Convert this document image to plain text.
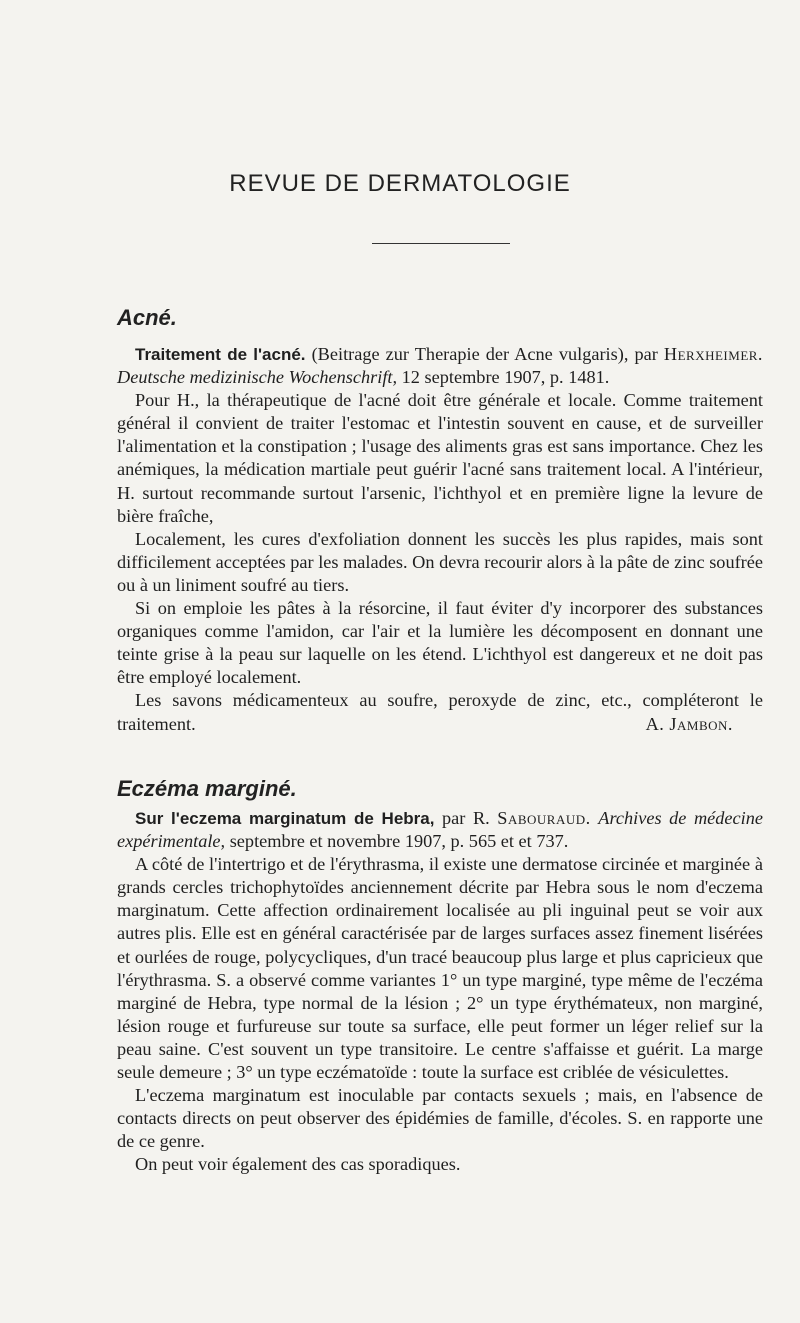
REVUE DE DERMATOLOGIE
Acné.

Traitement de l'acné. (Beitrage zur Therapie der Acne vulgaris), par Herxheimer. Deutsche medizinische Wochenschrift, 12 septembre 1907, p. 1481.

Pour H., la thérapeutique de l'acné doit être générale et locale. Comme traitement général il convient de traiter l'estomac et l'intestin souvent en cause, et de surveiller l'alimentation et la constipation ; l'usage des aliments gras est sans importance. Chez les anémiques, la médication martiale peut guérir l'acné sans traitement local. A l'intérieur, H. surtout recommande surtout l'arsenic, l'ichthyol et en première ligne la levure de bière fraîche,

Localement, les cures d'exfoliation donnent les succès les plus rapides, mais sont difficilement acceptées par les malades. On devra recourir alors à la pâte de zinc soufrée ou à un liniment soufré au tiers.

Si on emploie les pâtes à la résorcine, il faut éviter d'y incorporer des substances organiques comme l'amidon, car l'air et la lumière les décomposent en donnant une teinte grise à la peau sur laquelle on les étend. L'ichthyol est dangereux et ne doit pas être employé localement.

Les savons médicamenteux au soufre, peroxyde de zinc, etc., compléteront le traitement.	A. Jambon.

Eczéma marginé.

Sur l'eczema marginatum de Hebra, par R. Sabouraud. Archives de médecine expérimentale, septembre et novembre 1907, p. 565 et et 737.

A côté de l'intertrigo et de l'érythrasma, il existe une dermatose circinée et marginée à grands cercles trichophytoïdes anciennement décrite par Hebra sous le nom d'eczema marginatum. Cette affection ordinairement localisée au pli inguinal peut se voir aux autres plis. Elle est en général caractérisée par de larges surfaces assez finement lisérées et ourlées de rouge, polycycliques, d'un tracé beaucoup plus large et plus capricieux que l'érythrasma. S. a observé comme variantes 1° un type marginé, type même de l'eczéma marginé de Hebra, type normal de la lésion ; 2° un type érythémateux, non marginé, lésion rouge et furfureuse sur toute sa surface, elle peut former un léger relief sur la peau saine. C'est souvent un type transitoire. Le centre s'affaisse et guérit. La marge seule demeure ; 3° un type eczématoïde : toute la surface est criblée de vésiculettes.

L'eczema marginatum est inoculable par contacts sexuels ; mais, en l'absence de contacts directs on peut observer des épidémies de famille, d'écoles. S. en rapporte une de ce genre.

On peut voir également des cas sporadiques.
